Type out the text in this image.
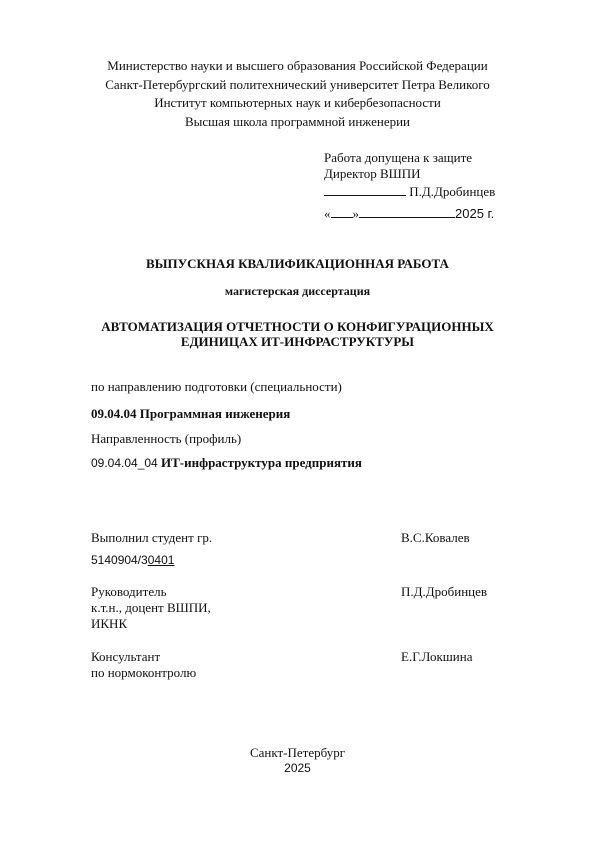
Министерство науки и высшего образования Российской Федерации
Санкт-Петербургский политехнический университет Петра Великого
Институт компьютерных наук и кибербезопасности
Высшая школа программной инженерии
Работа допущена к защите
Директор ВШПИ
П.Д.Дробинцев
« »	2025 г.
ВЫПУСКНАЯ КВАЛИФИКАЦИОННАЯ РАБОТА
магистерская диссертация
АВТОМАТИЗАЦИЯ ОТЧЕТНОСТИ О КОНФИГУРАЦИОННЫХ
ЕДИНИЦАХ ИТ-ИНФРАСТРУКТУРЫ
по направлению подготовки (специальности)
09.04.04 Программная инженерия
Направленность (профиль)
09.04.04_04 ИТ-инфраструктура предприятия
Выполнил студент гр.	В.С.Ковалев
5140904/30401
Руководитель
к.т.н., доцент ВШПИ,
ИКНК
П.Д.Дробинцев
Консультант
по нормоконтролю
Е.Г.Локшина
Санкт-Петербург
2025
